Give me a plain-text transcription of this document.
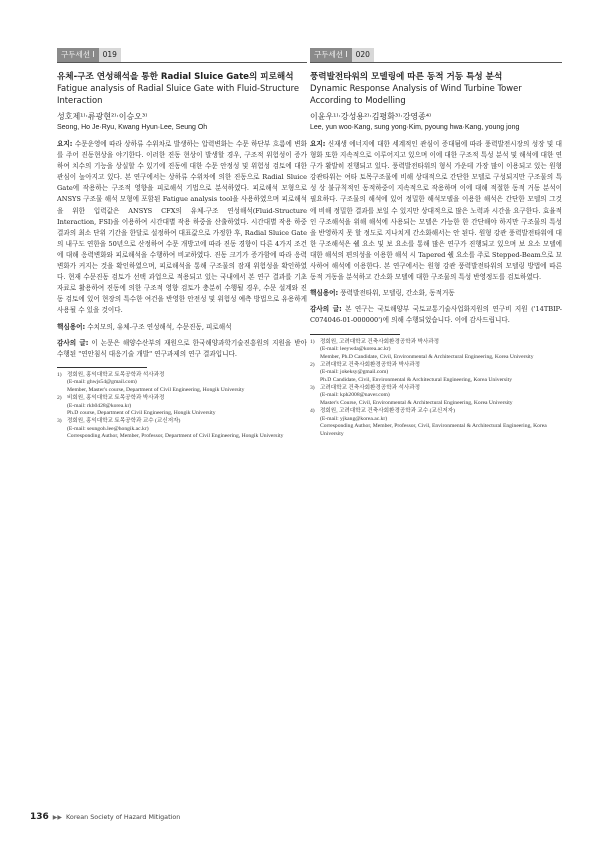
구두세션 I	019

유체-구조 연성해석을 통한 Radial Sluice Gate의 피로해석

Fatigue analysis of Radial Sluice Gate with Fluid-Structure
Interaction

성호제¹⁾·류광현²⁾·이승오³⁾
Seong, Ho Je·Ryu, Kwang Hyun·Lee, Seung Oh

요지: 수문운영에 따라 상하류 수위차로 발생하는 압력변화는 수문 하단부 흐름에 변화를 주어 진동현상을 야기한다. 이러한 진동 현상이 발생할 경우, 구조적 위험성이 증가하여 치수의 기능을 상실할 수 있기에 진동에 대한 수문 안정성 및 위험성 검토에 대한 관심이 높아지고 있다. 본 연구에서는 상하류 수위차에 의한 진동으로 Radial Sluice Gate에 작용하는 구조적 영향을 피로해석 기법으로 분석하였다. 피로해석 모형으로 ANSYS 구조물 해석 모형에 포함된 Fatigue analysis tool을 사용하였으며 피로해석을 위한 입력값은 ANSYS CFX의 유체-구조 연성해석(Fluid-Structure Interaction, FSI)을 이용하여 시간대별 작용 하중을 산출하였다. 시간대별 작용 하중 결과의 최소 단위 기간을 한달로 설정하여 대표값으로 가정한 후, Radial Sluice Gate의 내구도 연한을 50년으로 산정하여 수문 개방고에 따라 진동 경향이 다른 4가지 조건에 대해 응력변화와 피로해석을 수행하여 비교하였다. 진동 크기가 증가함에 따라 응력변화가 커지는 것을 확인하였으며, 피로해석을 통해 구조물의 잠재 위험성을 확인하였다. 현재 수문진동 검토가 선택 과업으로 적용되고 있는 국내에서 본 연구 결과를 기초 자료로 활용하여 진동에 의한 구조적 영향 검토가 충분히 수행될 경우, 수문 설계와 진동 검토에 있어 현장의 특수한 여건을 반영한 안전성 및 위험성 예측 방법으로 유용하게 사용될 수 있을 것이다.

핵심용어: 수치모의, 유체-구조 연성해석, 수문진동, 피로해석

감사의 글: 이 논문은 해양수산부의 재원으로 한국해양과학기술진흥원의 지원을 받아 수행된 "연안침식 대응기술 개발" 연구과제의 연구 결과입니다.

1) 정회원, 홍익대학교 토목공학과 석사과정
(E-mail: ghwjs54@gmail.com)
Member, Master's course, Department of Civil Engineering, Hongik University
2) 비회원, 홍익대학교 토목공학과 박사과정
(E-mail: rkh0428@korea.kr)
Ph.D course, Department of Civil Engineering, Hongik University
3) 정회원, 홍익대학교 토목공학과 교수 (교신저자)
(E-mail: seungoh.lee@hongik.ac.kr)
Corresponding Author, Member, Professor, Department of Civil Engineering, Hongik University
구두세션 I	020

풍력발전타워의 모델링에 따른 동적 거동 특성 분석

Dynamic Response Analysis of Wind Turbine Tower
According to Modelling

이윤우¹⁾·강성용²⁾·김평화³⁾·강영종⁴⁾
Lee, yun woo·Kang, sung yong·Kim, pyoung hwa·Kang, young jong

요지: 신재생 에너지에 대한 세계적인 관심이 증대됨에 따라 풍력발전시장의 성장 및 대형화 또한 지속적으로 이루어지고 있으며 이에 대한 구조적 특성 분석 및 해석에 대한 연구가 활발히 진행되고 있다. 풍력발전타워의 형식 가운데 가장 많이 이용되고 있는 원형 강관타워는 여타 토목구조물에 비해 상대적으로 간단한 모델로 구성되지만 구조물의 특성 상 불규칙적인 동적하중이 지속적으로 작용하며 이에 대해 적절한 동적 거동 분석이 필요하다. 구조물의 해석에 있어 정밀한 해석모델을 이용한 해석은 간단한 모델의 그것에 비해 정밀한 결과를 보일 수 있지만 상대적으로 많은 노력과 시간을 요구한다. 효율적인 구조해석을 위해 해석에 사용되는 모델은 가능한 한 간단해야 하지만 구조물의 특성을 반영하지 못 할 정도로 지나치게 간소화해서는 안 된다. 원형 강관 풍력발전타워에 대한 구조해석은 쉘 요소 및 보 요소를 통해 많은 연구가 진행되고 있으며 보 요소 모델에 대한 해석의 편의성을 이용한 해석 시 Tapered 쉘 요소를 주로 Stepped-Beam으로 묘사하여 해석에 이용한다. 본 연구에서는 원형 강관 풍력발전타워의 모델링 방법에 따른 동적 거동을 분석하고 간소화 모델에 대한 구조물의 특성 반영정도를 검토하였다.

핵심용어: 풍력발전타워, 모델링, 간소화, 동적거동

감사의 글: 본 연구는 국토해양부 국토교통기술사업화지원의 연구비 지원 ('14TBIP-C074046-01-000000')에 의해 수행되었습니다. 이에 감사드립니다.

1) 정회원, 고려대학교 건축사회환경공학과 박사과정
(E-mail: leeywda@korea.ac.kr)
Member, Ph.D Candidate, Civil, Environmental & Architectural Engineering, Korea University
2) 고려대학교 건축사회환경공학과 박사과정
(E-mail: jokeksy@gmail.com)
Ph.D Candidate, Civil, Environmental & Architectural Engineering, Korea University
3) 고려대학교 건축사회환경공학과 석사과정
(E-mail: kph2008@naver.com)
Master's Course, Civil, Environmental & Architectural Engineering, Korea University
4) 정회원, 고려대학교 건축사회환경공학과 교수 (교신저자)
(E-mail: yjkang@korea.ac.kr)
Corresponding Author, Member, Professor, Civil, Environmental & Architectural Engineering, Korea University
136 ▶▶ Korean Society of Hazard Mitigation
